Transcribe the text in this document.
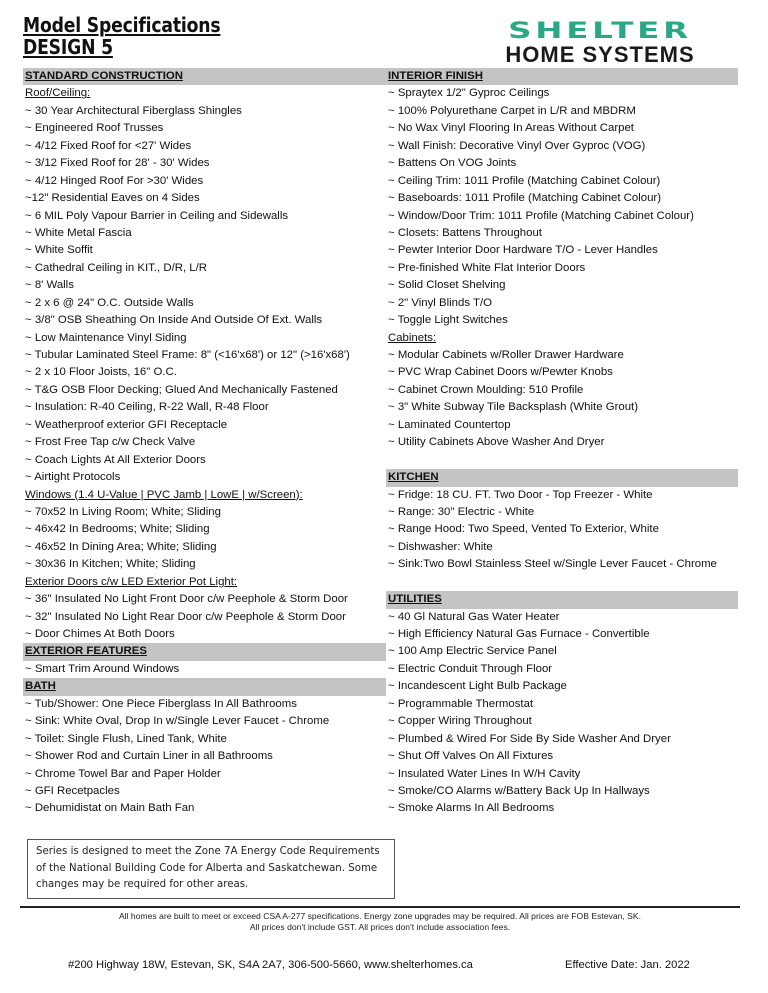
Model Specifications
DESIGN 5
SHELTER
HOME SYSTEMS
STANDARD CONSTRUCTION
Roof/Ceiling:
~ 30 Year Architectural Fiberglass Shingles
~ Engineered Roof Trusses
~ 4/12 Fixed Roof for <27' Wides
~ 3/12 Fixed Roof for 28' - 30' Wides
~ 4/12 Hinged Roof For >30' Wides
~12" Residential Eaves on 4 Sides
~ 6 MIL Poly Vapour Barrier in Ceiling and Sidewalls
~ White Metal Fascia
~ White Soffit
~ Cathedral Ceiling in KIT., D/R, L/R
~ 8' Walls
~ 2 x 6 @ 24" O.C. Outside Walls
~ 3/8" OSB Sheathing On Inside And Outside Of Ext. Walls
~ Low Maintenance Vinyl Siding
~ Tubular Laminated Steel Frame: 8" (<16'x68') or 12" (>16'x68')
~ 2 x 10 Floor Joists, 16" O.C.
~ T&G OSB Floor Decking; Glued And Mechanically Fastened
~ Insulation: R-40 Ceiling, R-22 Wall, R-48 Floor
~ Weatherproof exterior GFI Receptacle
~ Frost Free Tap c/w Check Valve
~ Coach Lights At All Exterior Doors
~ Airtight Protocols
Windows (1.4 U-Value | PVC Jamb | LowE | w/Screen):
~ 70x52 In Living Room; White; Sliding
~ 46x42 In Bedrooms; White; Sliding
~ 46x52 In Dining Area; White; Sliding
~ 30x36 In Kitchen; White; Sliding
Exterior Doors c/w LED Exterior Pot Light:
~ 36" Insulated No Light Front Door c/w Peephole & Storm Door
~ 32" Insulated No Light Rear Door c/w Peephole & Storm Door
~ Door Chimes At Both Doors
EXTERIOR FEATURES
~ Smart Trim Around Windows
BATH
~ Tub/Shower: One Piece Fiberglass In All Bathrooms
~ Sink: White Oval, Drop In w/Single Lever Faucet - Chrome
~ Toilet: Single Flush, Lined Tank, White
~ Shower Rod and Curtain Liner in all Bathrooms
~ Chrome Towel Bar and Paper Holder
~ GFI Recetpacles
~ Dehumidistat on Main Bath Fan
INTERIOR FINISH
~ Spraytex 1/2" Gyproc Ceilings
~ 100% Polyurethane Carpet in L/R and MBDRM
~ No Wax Vinyl Flooring In Areas Without Carpet
~ Wall Finish: Decorative Vinyl Over Gyproc (VOG)
~ Battens On VOG Joints
~ Ceiling Trim: 1011 Profile (Matching Cabinet Colour)
~ Baseboards: 1011 Profile (Matching Cabinet Colour)
~ Window/Door Trim: 1011 Profile (Matching Cabinet Colour)
~ Closets: Battens Throughout
~ Pewter Interior Door Hardware T/O - Lever Handles
~ Pre-finished White Flat Interior Doors
~ Solid Closet Shelving
~ 2" Vinyl Blinds T/O
~ Toggle Light Switches
Cabinets:
~ Modular Cabinets w/Roller Drawer Hardware
~ PVC Wrap Cabinet Doors w/Pewter Knobs
~ Cabinet Crown Moulding: 510 Profile
~ 3" White Subway Tile Backsplash (White Grout)
~ Laminated Countertop
~ Utility Cabinets Above Washer And Dryer
KITCHEN
~ Fridge: 18 CU. FT. Two Door - Top Freezer - White
~ Range: 30" Electric - White
~ Range Hood: Two Speed, Vented To Exterior, White
~ Dishwasher: White
~ Sink:Two Bowl Stainless Steel w/Single Lever Faucet - Chrome
UTILITIES
~ 40 Gl Natural Gas Water Heater
~ High Efficiency Natural Gas Furnace - Convertible
~ 100 Amp Electric Service Panel
~ Electric Conduit Through Floor
~ Incandescent Light Bulb Package
~ Programmable Thermostat
~ Copper Wiring Throughout
~ Plumbed & Wired For Side By Side Washer And Dryer
~ Shut Off Valves On All Fixtures
~ Insulated Water Lines In W/H Cavity
~ Smoke/CO Alarms w/Battery Back Up In Hallways
~ Smoke Alarms In All Bedrooms
Series is designed to meet the Zone 7A Energy Code Requirements of the National Building Code for Alberta and Saskatchewan. Some changes may be required for other areas.
All homes are built to meet or exceed CSA A-277 specifications. Energy zone upgrades may be required. All prices are FOB Estevan, SK.
All prices don't include GST. All prices don't include association fees.
#200 Highway 18W, Estevan, SK, S4A 2A7, 306-500-5660, www.shelterhomes.ca	Effective Date: Jan. 2022
